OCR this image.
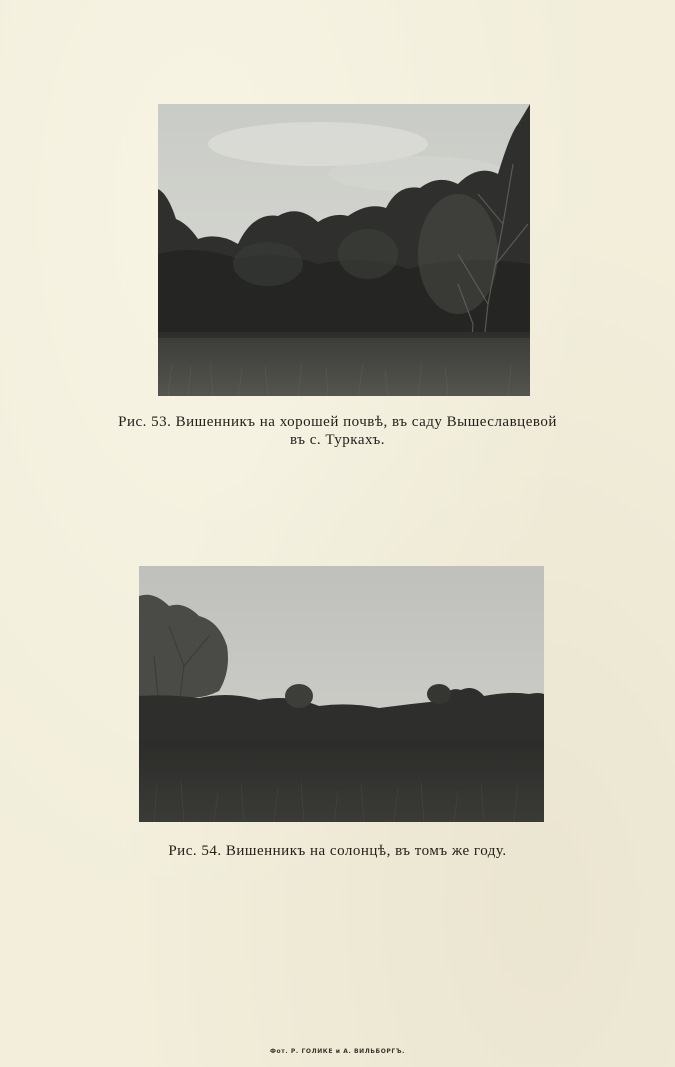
Рис. 53. Вишенникъ на хорошей почвѣ, въ саду Вышеславцевой
въ с. Туркахъ.
Рис. 54. Вишенникъ на солонцѣ, въ томъ же году.
Фот. Р. ГОЛИКЕ и А. ВИЛЬБОРГЪ.
